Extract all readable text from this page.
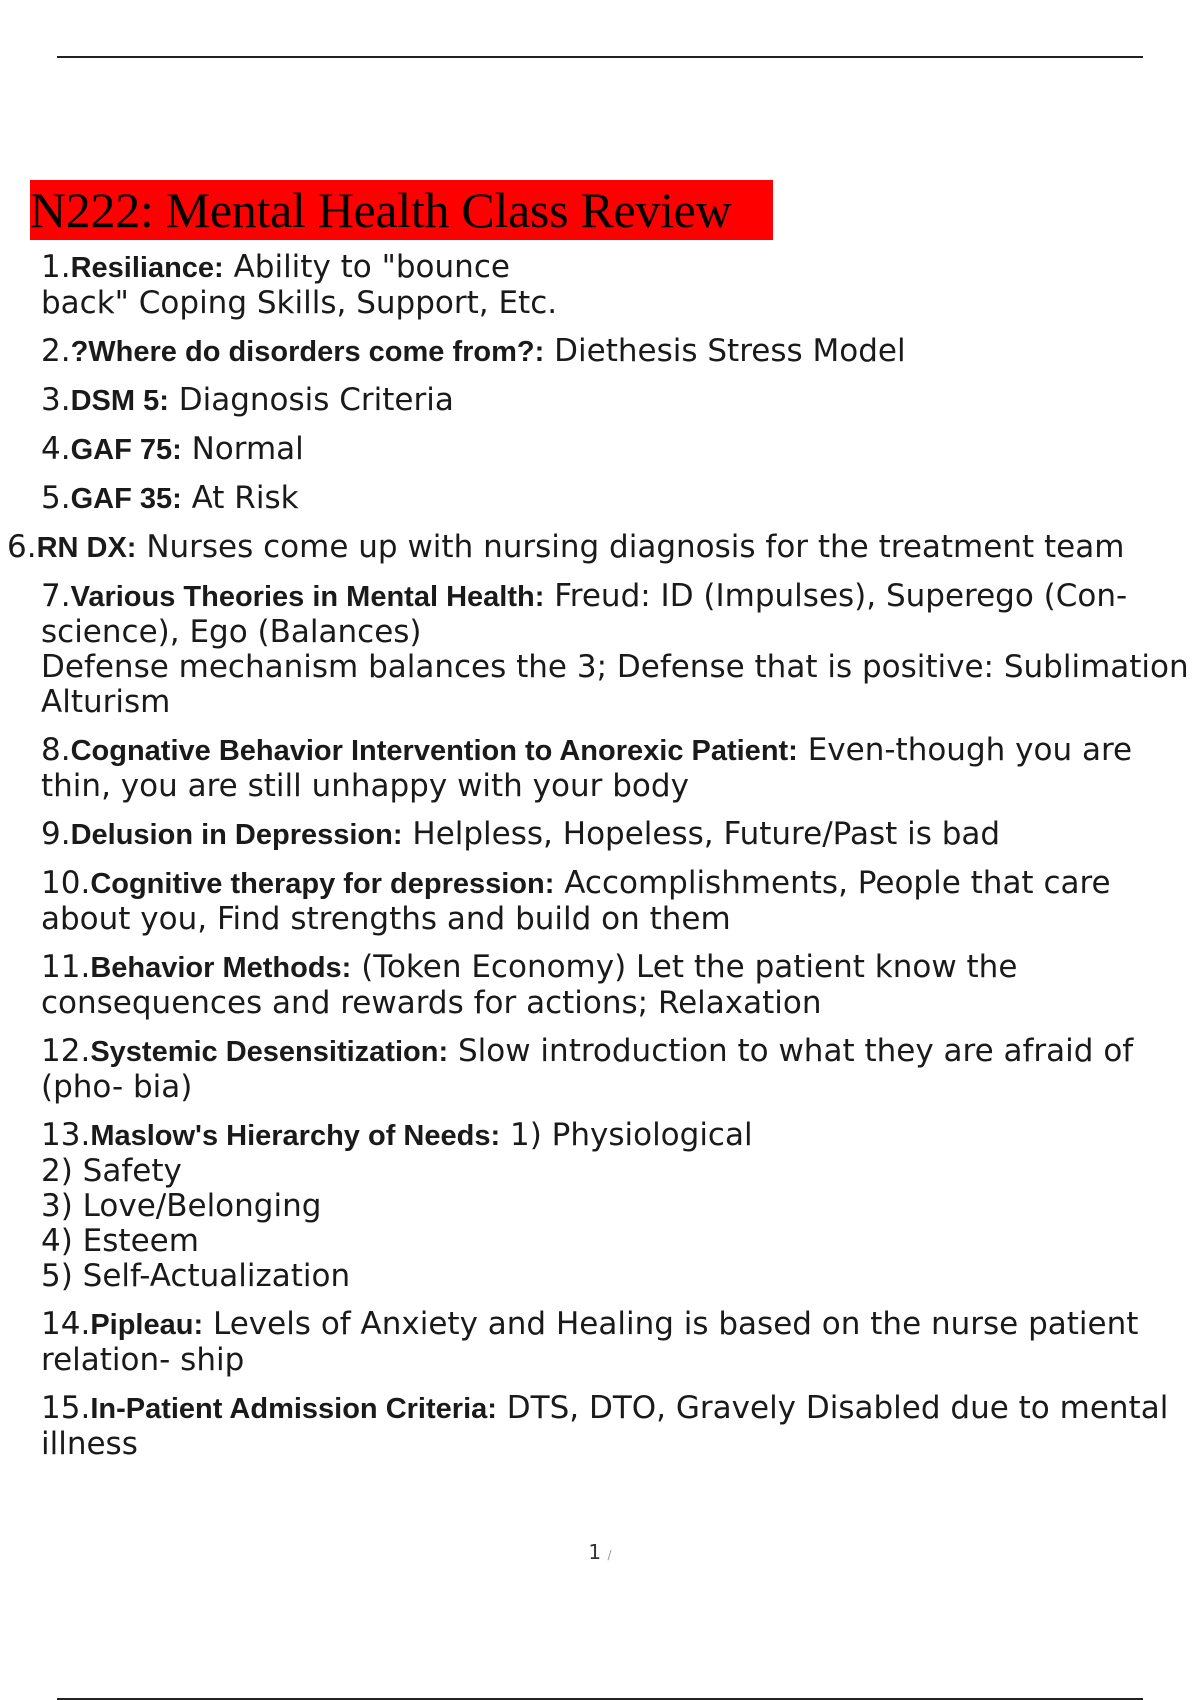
N222: Mental Health Class Review
1.Resiliance: Ability to "bounce
back" Coping Skills, Support, Etc.
2.?Where do disorders come from?: Diethesis Stress Model
3.DSM 5: Diagnosis Criteria
4.GAF 75: Normal
5.GAF 35: At Risk
6.RN DX: Nurses come up with nursing diagnosis for the treatment team
7.Various Theories in Mental Health: Freud: ID (Impulses), Superego (Con- science), Ego (Balances)
Defense mechanism balances the 3; Defense that is positive: Sublimation Alturism
8.Cognative Behavior Intervention to Anorexic Patient: Even-though you are thin, you are still unhappy with your body
9.Delusion in Depression: Helpless, Hopeless, Future/Past is bad
10.Cognitive therapy for depression: Accomplishments, People that care about you, Find strengths and build on them
11.Behavior Methods: (Token Economy) Let the patient know the consequences and rewards for actions; Relaxation
12.Systemic Desensitization: Slow introduction to what they are afraid of (pho- bia)
13.Maslow's Hierarchy of Needs: 1) Physiological
2) Safety
3) Love/Belonging
4) Esteem
5) Self-Actualization
14.Pipleau: Levels of Anxiety and Healing is based on the nurse patient relation- ship
15.In-Patient Admission Criteria: DTS, DTO, Gravely Disabled due to mental illness
1 /
